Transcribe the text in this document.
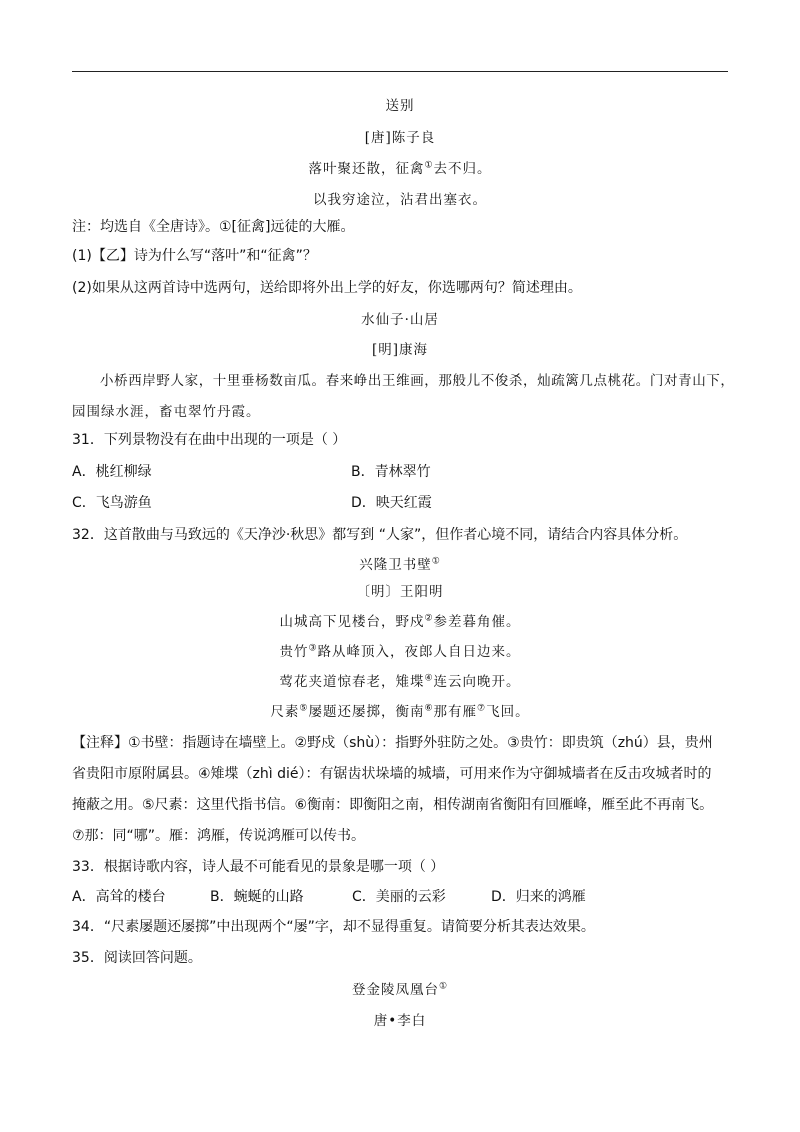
送别
[唐]陈子良
落叶聚还散，征禽①去不归。
以我穷途泣，沾君出塞衣。
注：均选自《全唐诗》。①[征禽]远徒的大雁。
(1)【乙】诗为什么写“落叶”和“征禽”？
(2)如果从这两首诗中选两句，送给即将外出上学的好友，你选哪两句？简述理由。
水仙子·山居
[明]康海
小桥西岸野人家，十里垂杨数亩瓜。春来峥出王维画，那般儿不俊杀，灿疏篱几点桃花。门对青山下，
园围绿水涯，畜屯翠竹丹霞。
31．下列景物没有在曲中出现的一项是（ ）
A．桃红柳绿	B．青林翠竹
C．飞鸟游鱼	D．映天红霞
32．这首散曲与马致远的《天净沙·秋思》都写到 “人家”，但作者心境不同，请结合内容具体分析。
兴隆卫书壁①
〔明〕王阳明
山城高下见楼台，野戍②参差暮角催。
贵竹③路从峰顶入，夜郎人自日边来。
莺花夹道惊春老，雉堞④连云向晚开。
尺素⑤屡题还屡掷，衡南⑥那有雁⑦飞回。
【注释】①书壁：指题诗在墙壁上。②野戍（shù）：指野外驻防之处。③贵竹：即贵筑（zhú）县，贵州
省贵阳市原附属县。④雉堞（zhì dié）：有锯齿状垛墙的城墙，可用来作为守御城墙者在反击攻城者时的
掩蔽之用。⑤尺素：这里代指书信。⑥衡南：即衡阳之南，相传湖南省衡阳有回雁峰，雁至此不再南飞。
⑦那：同“哪”。雁：鸿雁，传说鸿雁可以传书。
33．根据诗歌内容，诗人最不可能看见的景象是哪一项（ ）
A．高耸的楼台	B．蜿蜒的山路	C．美丽的云彩	D．归来的鸿雁
34．“尺素屡题还屡掷”中出现两个“屡”字，却不显得重复。请简要分析其表达效果。
35．阅读回答问题。
登金陵凤凰台①
唐•李白
